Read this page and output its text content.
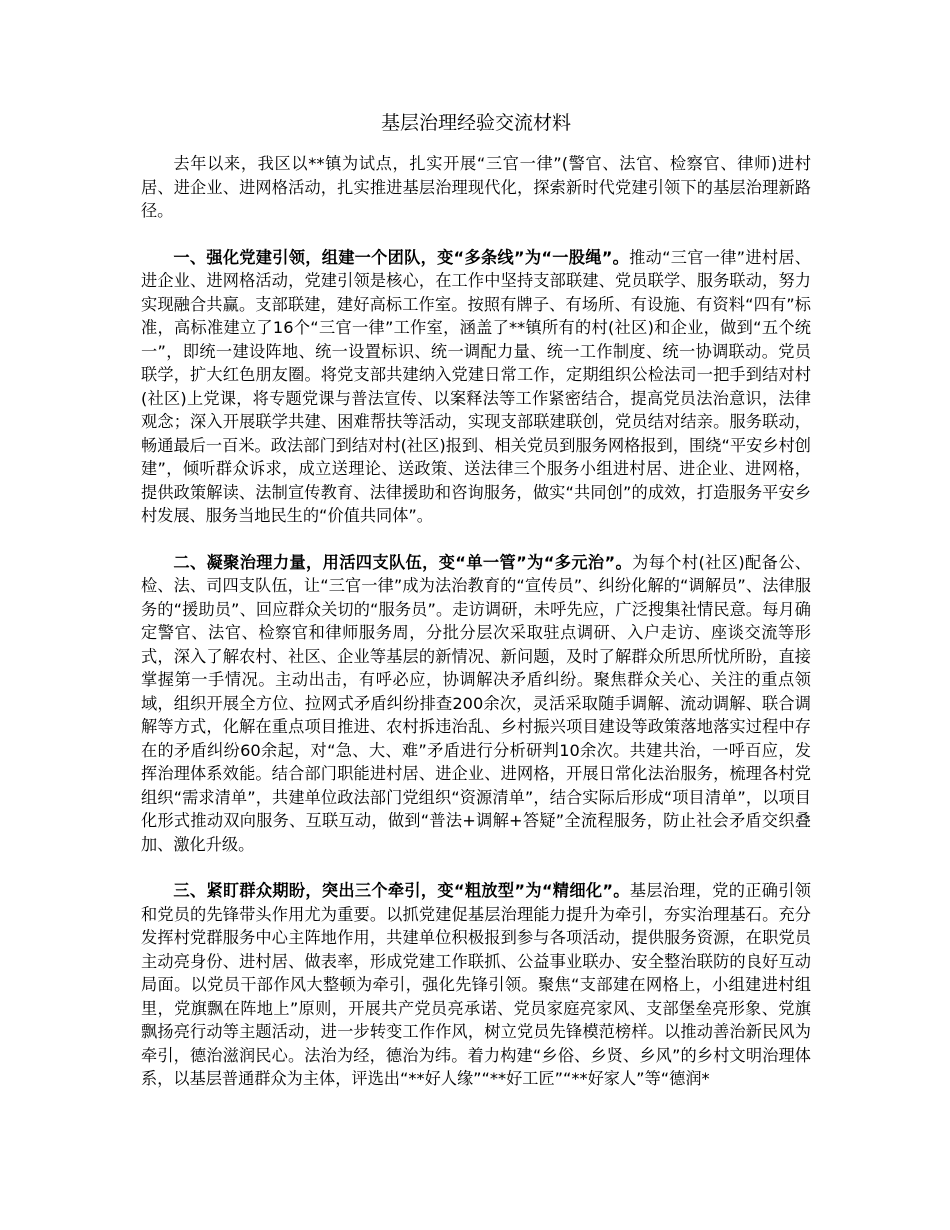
基层治理经验交流材料

去年以来，我区以**镇为试点，扎实开展“三官一律”(警官、法官、检察官、律师)进村居、进企业、进网格活动，扎实推进基层治理现代化，探索新时代党建引领下的基层治理新路径。

一、强化党建引领，组建一个团队，变“多条线”为“一股绳”。推动“三官一律”进村居、进企业、进网格活动，党建引领是核心，在工作中坚持支部联建、党员联学、服务联动，努力实现融合共赢。支部联建，建好高标工作室。按照有牌子、有场所、有设施、有资料“四有”标准，高标准建立了16个“三官一律”工作室，涵盖了**镇所有的村(社区)和企业，做到“五个统一”，即统一建设阵地、统一设置标识、统一调配力量、统一工作制度、统一协调联动。党员联学，扩大红色朋友圈。将党支部共建纳入党建日常工作，定期组织公检法司一把手到结对村(社区)上党课，将专题党课与普法宣传、以案释法等工作紧密结合，提高党员法治意识，法律观念；深入开展联学共建、困难帮扶等活动，实现支部联建联创，党员结对结亲。服务联动，畅通最后一百米。政法部门到结对村(社区)报到、相关党员到服务网格报到，围绕“平安乡村创建”，倾听群众诉求，成立送理论、送政策、送法律三个服务小组进村居、进企业、进网格，提供政策解读、法制宣传教育、法律援助和咨询服务，做实“共同创”的成效，打造服务平安乡村发展、服务当地民生的“价值共同体”。

二、凝聚治理力量，用活四支队伍，变“单一管”为“多元治”。为每个村(社区)配备公、检、法、司四支队伍，让“三官一律”成为法治教育的“宣传员”、纠纷化解的“调解员”、法律服务的“援助员”、回应群众关切的“服务员”。走访调研，未呼先应，广泛搜集社情民意。每月确定警官、法官、检察官和律师服务周，分批分层次采取驻点调研、入户走访、座谈交流等形式，深入了解农村、社区、企业等基层的新情况、新问题，及时了解群众所思所忧所盼，直接掌握第一手情况。主动出击，有呼必应，协调解决矛盾纠纷。聚焦群众关心、关注的重点领域，组织开展全方位、拉网式矛盾纠纷排查200余次，灵活采取随手调解、流动调解、联合调解等方式，化解在重点项目推进、农村拆违治乱、乡村振兴项目建设等政策落地落实过程中存在的矛盾纠纷60余起，对“急、大、难”矛盾进行分析研判10余次。共建共治，一呼百应，发挥治理体系效能。结合部门职能进村居、进企业、进网格，开展日常化法治服务，梳理各村党组织“需求清单”，共建单位政法部门党组织“资源清单”，结合实际后形成“项目清单”，以项目化形式推动双向服务、互联互动，做到“普法+调解+答疑”全流程服务，防止社会矛盾交织叠加、激化升级。

三、紧盯群众期盼，突出三个牵引，变“粗放型”为“精细化”。基层治理，党的正确引领和党员的先锋带头作用尤为重要。以抓党建促基层治理能力提升为牵引，夯实治理基石。充分发挥村党群服务中心主阵地作用，共建单位积极报到参与各项活动，提供服务资源，在职党员主动亮身份、进村居、做表率，形成党建工作联抓、公益事业联办、安全整治联防的良好互动局面。以党员干部作风大整顿为牵引，强化先锋引领。聚焦“支部建在网格上，小组建进村组里，党旗飘在阵地上”原则，开展共产党员亮承诺、党员家庭亮家风、支部堡垒亮形象、党旗飘扬亮行动等主题活动，进一步转变工作作风，树立党员先锋模范榜样。以推动善治新民风为牵引，德治滋润民心。法治为经，德治为纬。着力构建“乡俗、乡贤、乡风”的乡村文明治理体系，以基层普通群众为主体，评选出“**好人缘”“**好工匠”“**好家人”等“德润*
